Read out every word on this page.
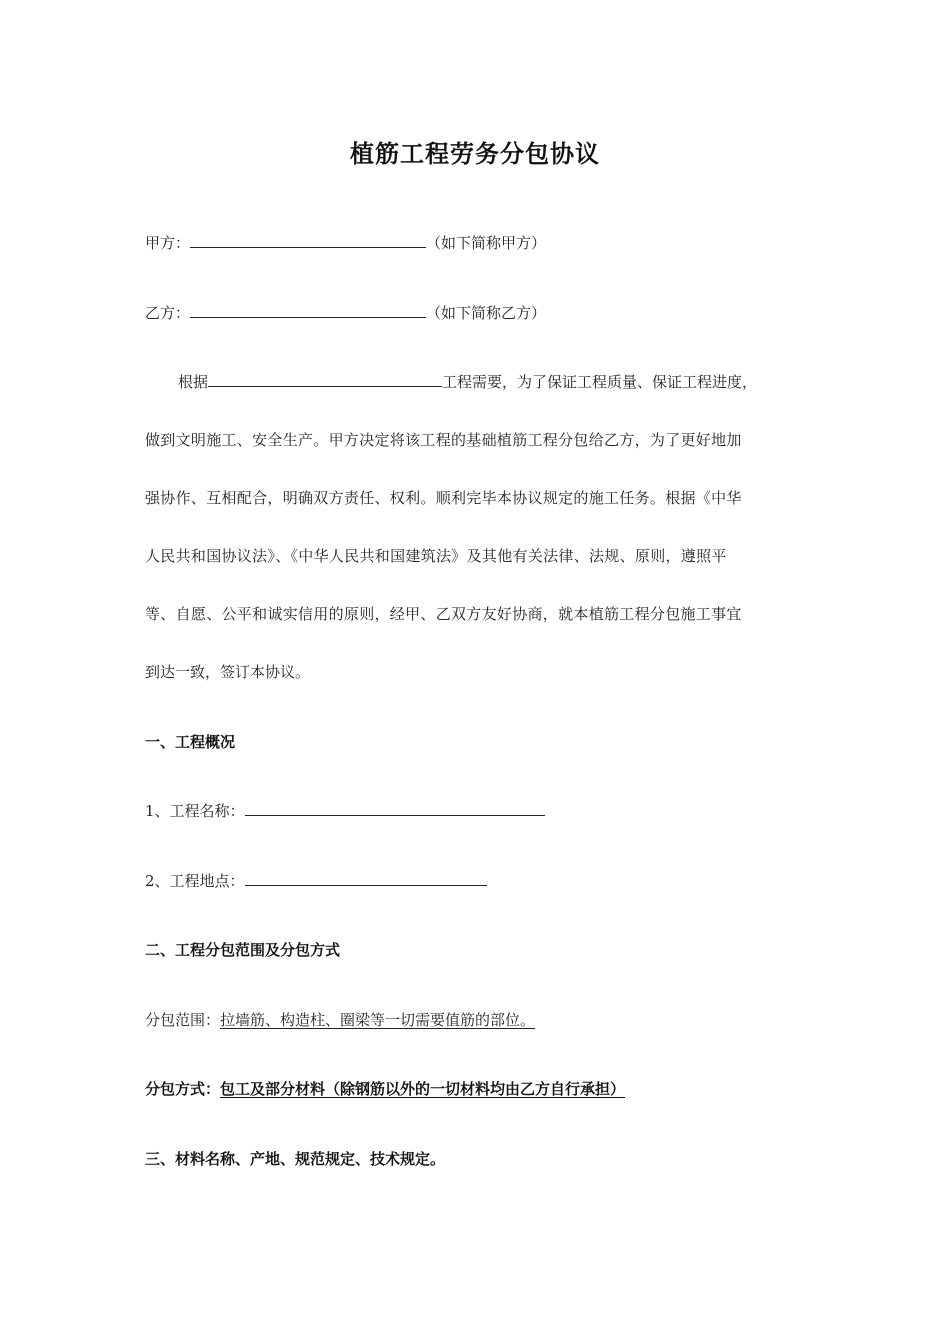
植筋工程劳务分包协议
甲方：	（如下简称甲方）
乙方：	（如下简称乙方）
根据	工程需要，为了保证工程质量、保证工程进度，
做到文明施工、安全生产。甲方决定将该工程的基础植筋工程分包给乙方，为了更好地加
强协作、互相配合，明确双方责任、权利。顺利完毕本协议规定的施工任务。根据《中华
人民共和国协议法》、《中华人民共和国建筑法》及其他有关法律、法规、原则，遵照平
等、自愿、公平和诚实信用的原则，经甲、乙双方友好协商，就本植筋工程分包施工事宜
到达一致，签订本协议。
一、工程概况
1、工程名称：
2、工程地点：
二、工程分包范围及分包方式
分包范围：拉墙筋、构造柱、圈梁等一切需要值筋的部位。
分包方式：包工及部分材料（除钢筋以外的一切材料均由乙方自行承担）
三、材料名称、产地、规范规定、技术规定。
